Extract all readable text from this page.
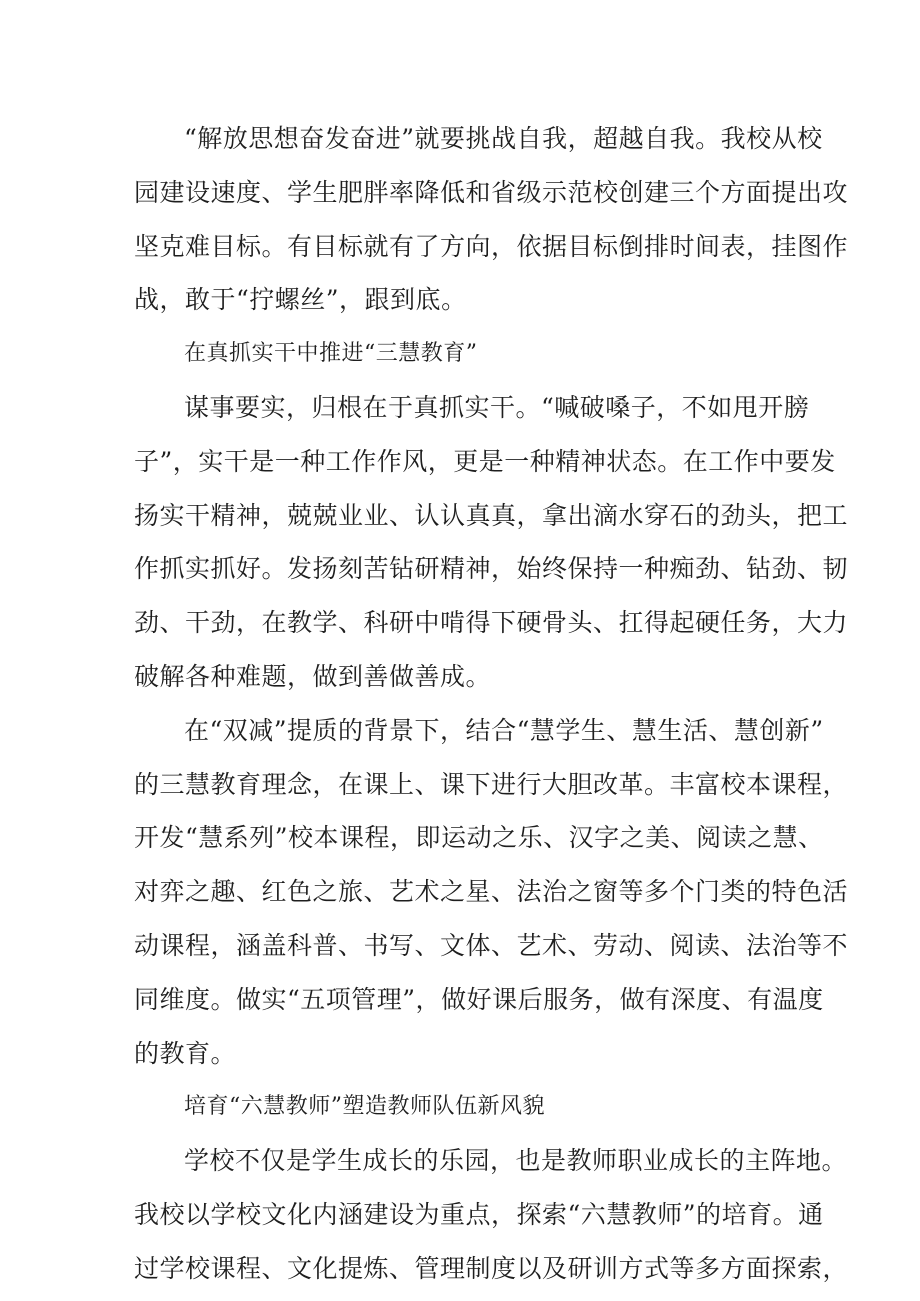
“解放思想奋发奋进”就要挑战自我，超越自我。我校从校
园建设速度、学生肥胖率降低和省级示范校创建三个方面提出攻
坚克难目标。有目标就有了方向，依据目标倒排时间表，挂图作
战，敢于“拧螺丝”，跟到底。
在真抓实干中推进“三慧教育”
谋事要实，归根在于真抓实干。“喊破嗓子，不如甩开膀
子”，实干是一种工作作风，更是一种精神状态。在工作中要发
扬实干精神，兢兢业业、认认真真，拿出滴水穿石的劲头，把工
作抓实抓好。发扬刻苦钻研精神，始终保持一种痴劲、钻劲、韧
劲、干劲，在教学、科研中啃得下硬骨头、扛得起硬任务，大力
破解各种难题，做到善做善成。
在“双减”提质的背景下，结合“慧学生、慧生活、慧创新”
的三慧教育理念，在课上、课下进行大胆改革。丰富校本课程，
开发“慧系列”校本课程，即运动之乐、汉字之美、阅读之慧、
对弈之趣、红色之旅、艺术之星、法治之窗等多个门类的特色活
动课程，涵盖科普、书写、文体、艺术、劳动、阅读、法治等不
同维度。做实“五项管理”，做好课后服务，做有深度、有温度
的教育。
培育“六慧教师”塑造教师队伍新风貌
学校不仅是学生成长的乐园，也是教师职业成长的主阵地。
我校以学校文化内涵建设为重点，探索“六慧教师”的培育。通
过学校课程、文化提炼、管理制度以及研训方式等多方面探索，
